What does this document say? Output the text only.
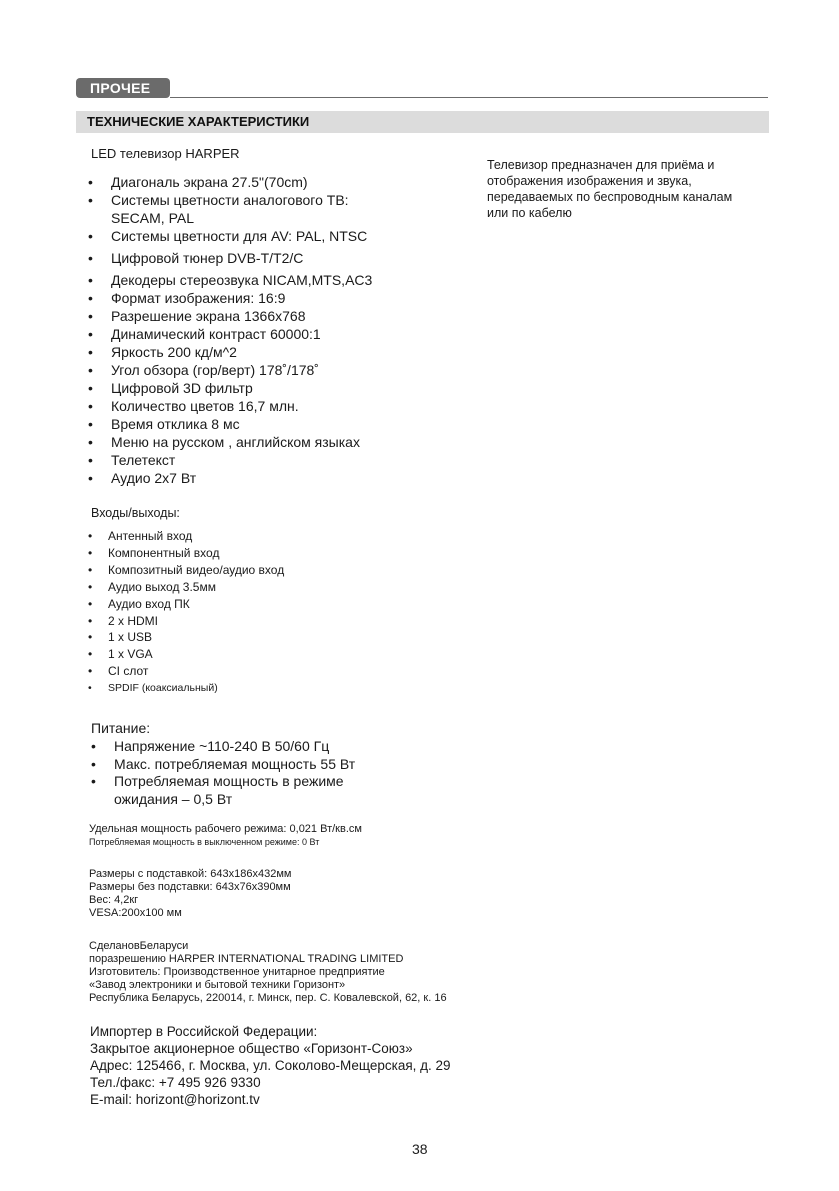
ПРОЧЕЕ
ТЕХНИЧЕСКИЕ ХАРАКТЕРИСТИКИ
LED телевизор HARPER
• Диагональ экрана 27.5"(70cm)
• Системы цветности аналогового ТВ:
SECAM, PAL
• Системы цветности для AV: PAL, NTSC
• Цифровой тюнер DVB-T/T2/C
• Декодеры стереозвука NICAM,MTS,AC3
• Формат изображения: 16:9
• Разрешение экрана 1366x768
• Динамический контраст 60000:1
• Яркость 200 кд/м^2
• Угол обзора (гор/верт) 178˚/178˚
• Цифровой 3D фильтр
• Количество цветов 16,7 млн.
• Время отклика 8 мс
• Меню на русском , английском языках
• Телетекст
• Аудио 2x7 Вт
Телевизор предназначен для приёма и
отображения изображения и звука,
передаваемых по беспроводным каналам
или по кабелю
Входы/выходы:
• Антенный вход
• Компонентный вход
• Композитный видео/аудио вход
• Аудио выход 3.5мм
• Аудио вход ПК
• 2 x HDMI
• 1 x USB
• 1 x VGA
• CI слот
• SPDIF (коаксиальный)
Питание:
• Напряжение ~110-240 В 50/60 Гц
• Макс. потребляемая мощность 55 Вт
• Потребляемая мощность в режиме
ожидания – 0,5 Вт
Удельная мощность рабочего режима: 0,021 Вт/кв.см
Потребляемая мощность в выключенном режиме: 0 Вт
Размеры с подставкой: 643x186x432мм
Размеры без подставки: 643x76x390мм
Вес: 4,2кг
VESA:200x100 мм
СделановБеларуси
поразрешению HARPER INTERNATIONAL TRADING LIMITED
Изготовитель: Производственное унитарное предприятие
«Завод электроники и бытовой техники Горизонт»
Республика Беларусь, 220014, г. Минск, пер. С. Ковалевской, 62, к. 16
Импортер в Российской Федерации:
Закрытое акционерное общество «Горизонт-Союз»
Адрес: 125466, г. Москва, ул. Соколово-Мещерская, д. 29
Тел./факс: +7 495 926 9330
E-mail: horizont@horizont.tv
38
